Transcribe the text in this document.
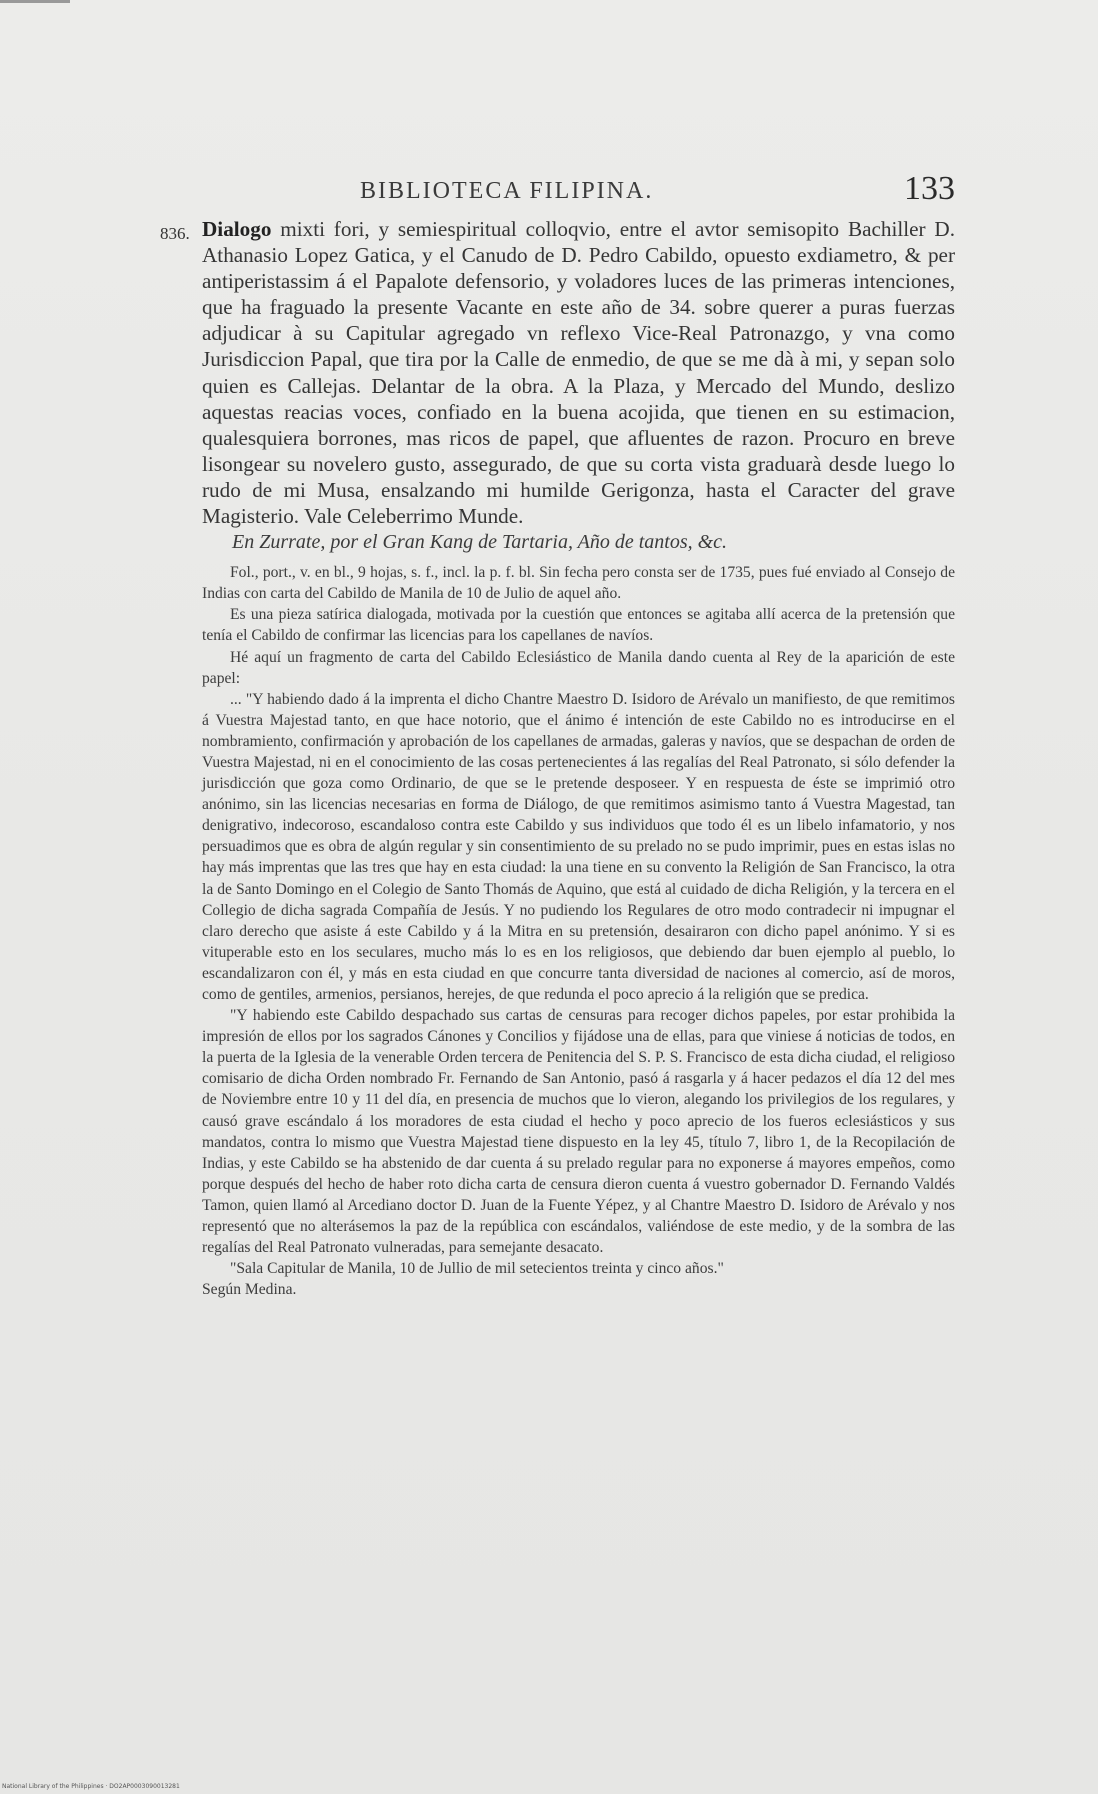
BIBLIOTECA FILIPINA.	133
836. Dialogo mixti fori, y semiespiritual colloqvio, entre el avtor semisopito Bachiller D. Athanasio Lopez Gatica, y el Canudo de D. Pedro Cabildo, opuesto exdiametro, & per antiperistassim á el Papalote defensorio, y voladores luces de las primeras intenciones, que ha fraguado la presente Vacante en este año de 34. sobre querer a puras fuerzas adjudicar à su Capitular agregado vn reflexo Vice-Real Patronazgo, y vna como Jurisdiccion Papal, que tira por la Calle de enmedio, de que se me dà à mi, y sepan solo quien es Callejas. Delantar de la obra. A la Plaza, y Mercado del Mundo, deslizo aquestas reacias voces, confiado en la buena acojida, que tienen en su estimacion, qualesquiera borrones, mas ricos de papel, que afluentes de razon. Procuro en breve lisongear su novelero gusto, assegurado, de que su corta vista graduarà desde luego lo rudo de mi Musa, ensalzando mi humilde Gerigonza, hasta el Caracter del grave Magisterio. Vale Celeberrimo Munde.
En Zurrate, por el Gran Kang de Tartaria, Año de tantos, &c.

Fol., port., v. en bl., 9 hojas, s. f., incl. la p. f. bl. Sin fecha pero consta ser de 1735, pues fué enviado al Consejo de Indias con carta del Cabildo de Manila de 10 de Julio de aquel año.

Es una pieza satírica dialogada, motivada por la cuestión que entonces se agitaba allí acerca de la pretensión que tenía el Cabildo de confirmar las licencias para los capellanes de navíos.

Hé aquí un fragmento de carta del Cabildo Eclesiástico de Manila dando cuenta al Rey de la aparición de este papel:

... "Y habiendo dado á la imprenta el dicho Chantre Maestro D. Isidoro de Arévalo un manifiesto, de que remitimos á Vuestra Majestad tanto, en que hace notorio, que el ánimo é intención de este Cabildo no es introducirse en el nombramiento, confirmación y aprobación de los capellanes de armadas, galeras y navíos, que se despachan de orden de Vuestra Majestad, ni en el conocimiento de las cosas pertenecientes á las regalías del Real Patronato, si sólo defender la jurisdicción que goza como Ordinario, de que se le pretende desposeer. Y en respuesta de éste se imprimió otro anónimo, sin las licencias necesarias en forma de Diálogo, de que remitimos asimismo tanto á Vuestra Magestad, tan denigrativo, indecoroso, escandaloso contra este Cabildo y sus individuos que todo él es un libelo infamatorio, y nos persuadimos que es obra de algún regular y sin consentimiento de su prelado no se pudo imprimir, pues en estas islas no hay más imprentas que las tres que hay en esta ciudad: la una tiene en su convento la Religión de San Francisco, la otra la de Santo Domingo en el Colegio de Santo Thomás de Aquino, que está al cuidado de dicha Religión, y la tercera en el Collegio de dicha sagrada Compañía de Jesús. Y no pudiendo los Regulares de otro modo contradecir ni impugnar el claro derecho que asiste á este Cabildo y á la Mitra en su pretensión, desairaron con dicho papel anónimo. Y si es vituperable esto en los seculares, mucho más lo es en los religiosos, que debiendo dar buen ejemplo al pueblo, lo escandalizaron con él, y más en esta ciudad en que concurre tanta diversidad de naciones al comercio, así de moros, como de gentiles, armenios, persianos, herejes, de que redunda el poco aprecio á la religión que se predica.

"Y habiendo este Cabildo despachado sus cartas de censuras para recoger dichos papeles, por estar prohibida la impresión de ellos por los sagrados Cánones y Concilios y fijádose una de ellas, para que viniese á noticias de todos, en la puerta de la Iglesia de la venerable Orden tercera de Penitencia del S. P. S. Francisco de esta dicha ciudad, el religioso comisario de dicha Orden nombrado Fr. Fernando de San Antonio, pasó á rasgarla y á hacer pedazos el día 12 del mes de Noviembre entre 10 y 11 del día, en presencia de muchos que lo vieron, alegando los privilegios de los regulares, y causó grave escándalo á los moradores de esta ciudad el hecho y poco aprecio de los fueros eclesiásticos y sus mandatos, contra lo mismo que Vuestra Majestad tiene dispuesto en la ley 45, título 7, libro 1, de la Recopilación de Indias, y este Cabildo se ha abstenido de dar cuenta á su prelado regular para no exponerse á mayores empeños, como porque después del hecho de haber roto dicha carta de censura dieron cuenta á vuestro gobernador D. Fernando Valdés Tamon, quien llamó al Arcediano doctor D. Juan de la Fuente Yépez, y al Chantre Maestro D. Isidoro de Arévalo y nos representó que no alterásemos la paz de la república con escándalos, valiéndose de este medio, y de la sombra de las regalías del Real Patronato vulneradas, para semejante desacato.

"Sala Capitular de Manila, 10 de Jullio de mil setecientos treinta y cinco años."

Según Medina.

National Library of the Philippines · DO2AP0003090013281
